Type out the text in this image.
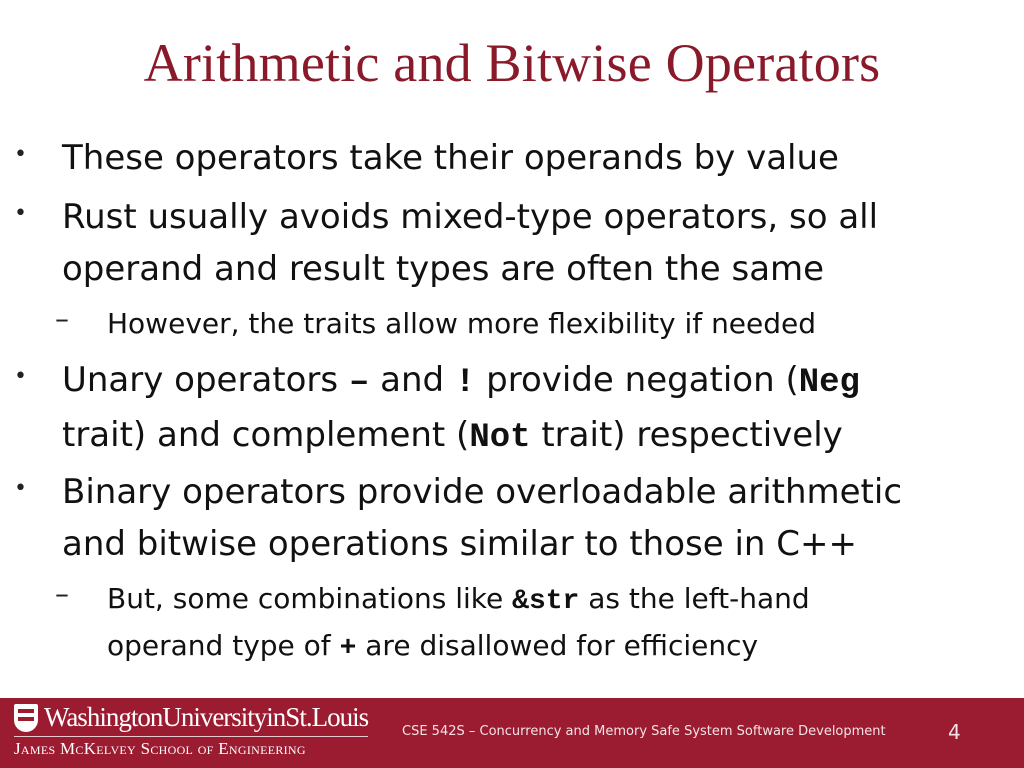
Arithmetic and Bitwise Operators
• These operators take their operands by value
• Rust usually avoids mixed-type operators, so all
operand and result types are often the same
– However, the traits allow more flexibility if needed
• Unary operators – and ! provide negation (Neg
trait) and complement (Not trait) respectively
• Binary operators provide overloadable arithmetic
and bitwise operations similar to those in C++
– But, some combinations like &str as the left-hand
operand type of + are disallowed for efficiency
WashingtonUniversityinSt.Louis
James McKelvey School of Engineering
CSE 542S – Concurrency and Memory Safe System Software Development	4
